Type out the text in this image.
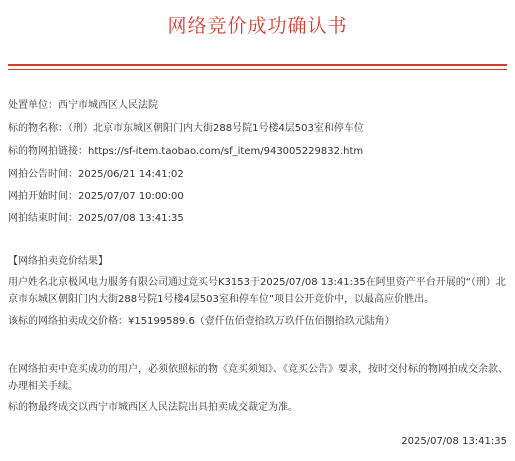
网络竞价成功确认书
处置单位：西宁市城西区人民法院
标的物名称：（刑）北京市东城区朝阳门内大街288号院1号楼4层503室和停车位
标的物网拍链接：https://sf-item.taobao.com/sf_item/943005229832.htm
网拍公告时间：2025/06/21 14:41:02
网拍开始时间：2025/07/07 10:00:00
网拍结束时间：2025/07/08 13:41:35
【网络拍卖竞价结果】
用户姓名北京极风电力服务有限公司通过竞买号K3153于2025/07/08 13:41:35在阿里资产平台开展的“（刑）北京市东城区朝阳门内大街288号院1号楼4层503室和停车位”项目公开竞价中，以最高应价胜出。
该标的网络拍卖成交价格：¥15199589.6（壹仟伍佰壹拾玖万玖仟伍佰捌拾玖元陆角）
在网络拍卖中竞买成功的用户，必须依照标的物《竞买须知》、《竞买公告》要求，按时交付标的物网拍成交余款、办理相关手续。
标的物最终成交以西宁市城西区人民法院出具拍卖成交裁定为准。
2025/07/08 13:41:35
